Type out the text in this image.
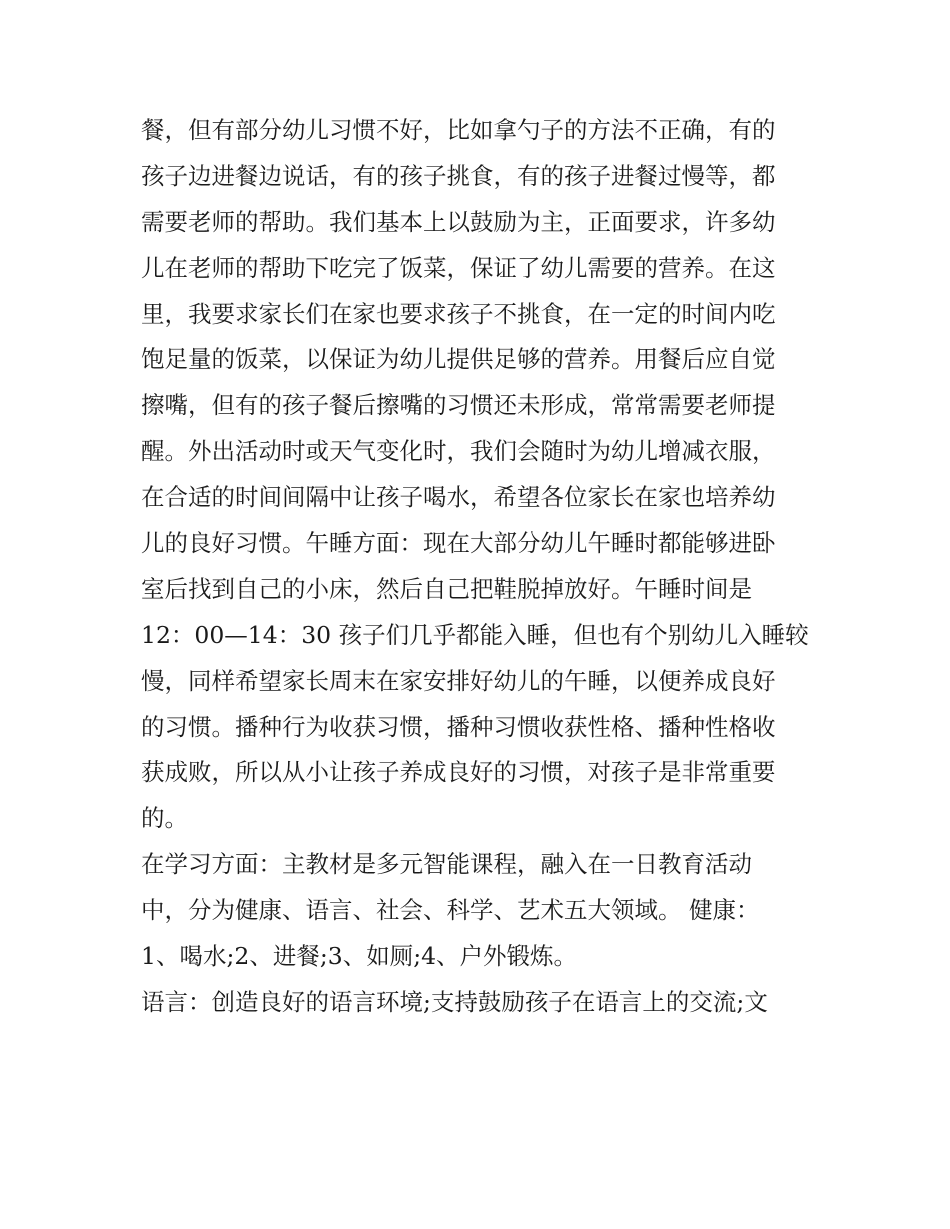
餐，但有部分幼儿习惯不好，比如拿勺子的方法不正确，有的
孩子边进餐边说话，有的孩子挑食，有的孩子进餐过慢等，都
需要老师的帮助。我们基本上以鼓励为主，正面要求，许多幼
儿在老师的帮助下吃完了饭菜，保证了幼儿需要的营养。在这
里，我要求家长们在家也要求孩子不挑食，在一定的时间内吃
饱足量的饭菜，以保证为幼儿提供足够的营养。用餐后应自觉
擦嘴，但有的孩子餐后擦嘴的习惯还未形成，常常需要老师提
醒。外出活动时或天气变化时，我们会随时为幼儿增减衣服，
在合适的时间间隔中让孩子喝水，希望各位家长在家也培养幼
儿的良好习惯。午睡方面：现在大部分幼儿午睡时都能够进卧
室后找到自己的小床，然后自己把鞋脱掉放好。午睡时间是
12：00—14：30 孩子们几乎都能入睡，但也有个别幼儿入睡较
慢，同样希望家长周末在家安排好幼儿的午睡，以便养成良好
的习惯。播种行为收获习惯，播种习惯收获性格、播种性格收
获成败，所以从小让孩子养成良好的习惯，对孩子是非常重要
的。
在学习方面：主教材是多元智能课程，融入在一日教育活动
中，分为健康、语言、社会、科学、艺术五大领域。 健康：
1、喝水;2、进餐;3、如厕;4、户外锻炼。
语言：创造良好的语言环境;支持鼓励孩子在语言上的交流;文
